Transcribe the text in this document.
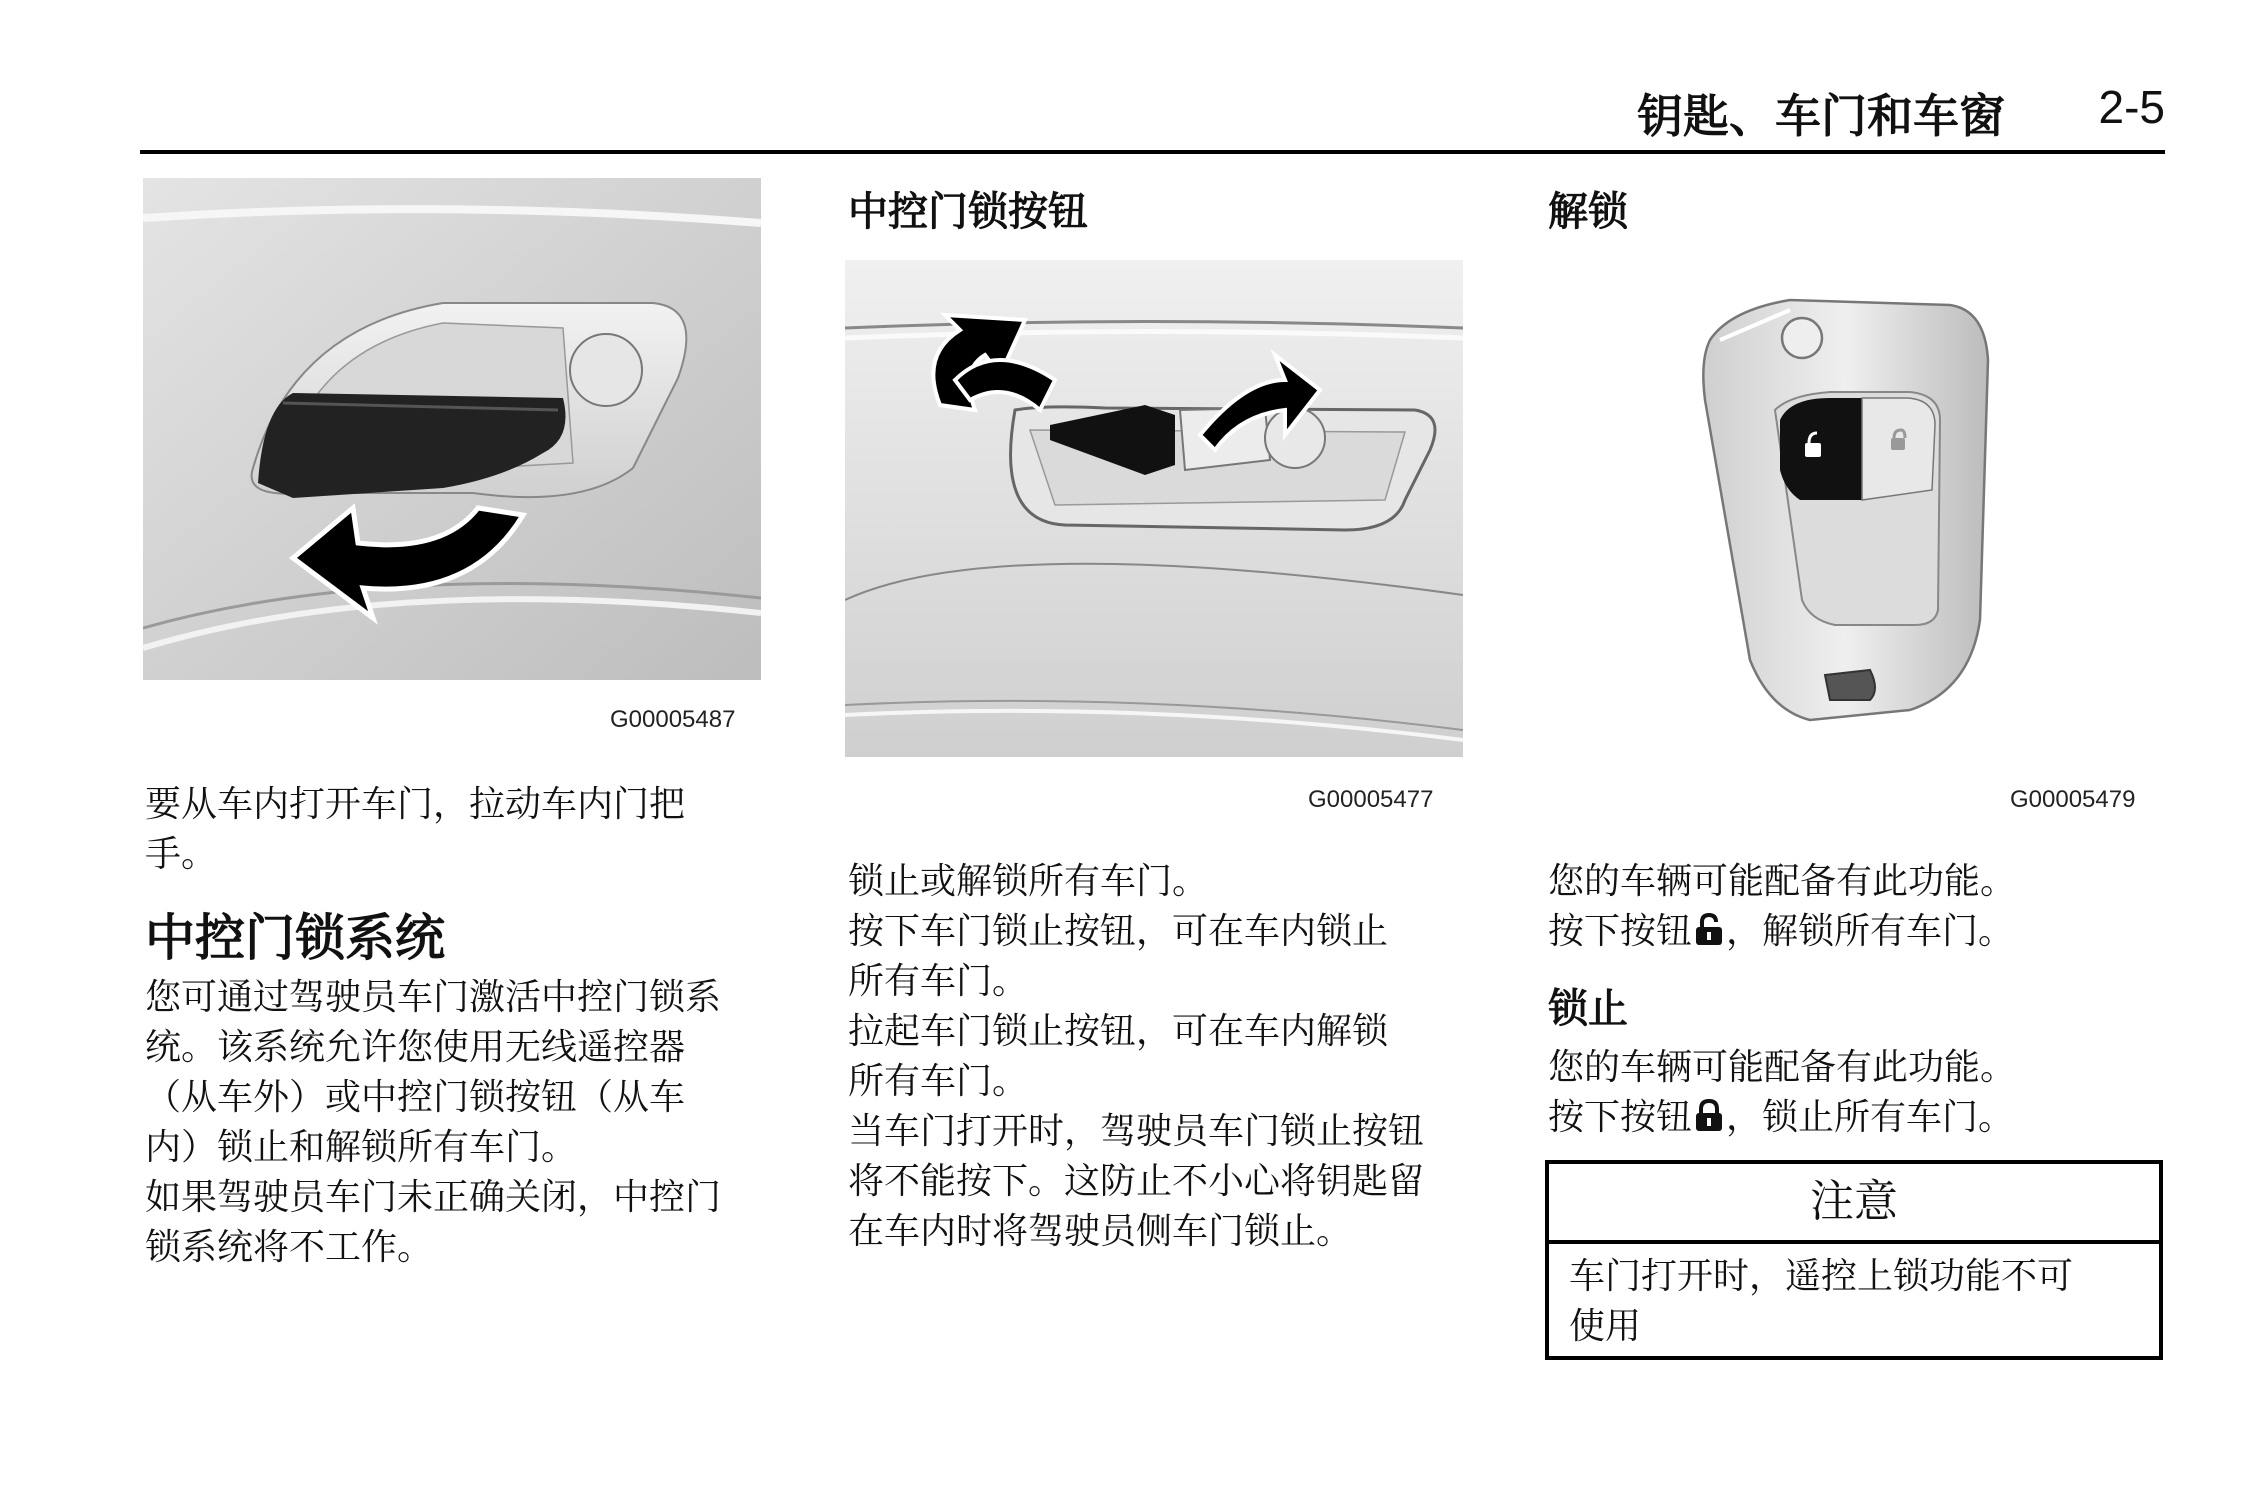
钥匙、车门和车窗 2-5
G00005487

要从车内打开车门，拉动车内门把

手。

中控门锁系统

您可通过驾驶员车门激活中控门锁系

统。该系统允许您使用无线遥控器

（从车外）或中控门锁按钮（从车

内）锁止和解锁所有车门。

如果驾驶员车门未正确关闭，中控门

锁系统将不工作。

中控门锁按钮
G00005477

锁止或解锁所有车门。

按下车门锁止按钮，可在车内锁止

所有车门。

拉起车门锁止按钮，可在车内解锁

所有车门。

当车门打开时，驾驶员车门锁止按钮

将不能按下。这防止不小心将钥匙留

在车内时将驾驶员侧车门锁止。

解锁
G00005479

您的车辆可能配备有此功能。

按下按钮 ，解锁所有车门。

锁止

您的车辆可能配备有此功能。

按下按钮 ，锁止所有车门。

注意
车门打开时，遥控上锁功能不可
使用
